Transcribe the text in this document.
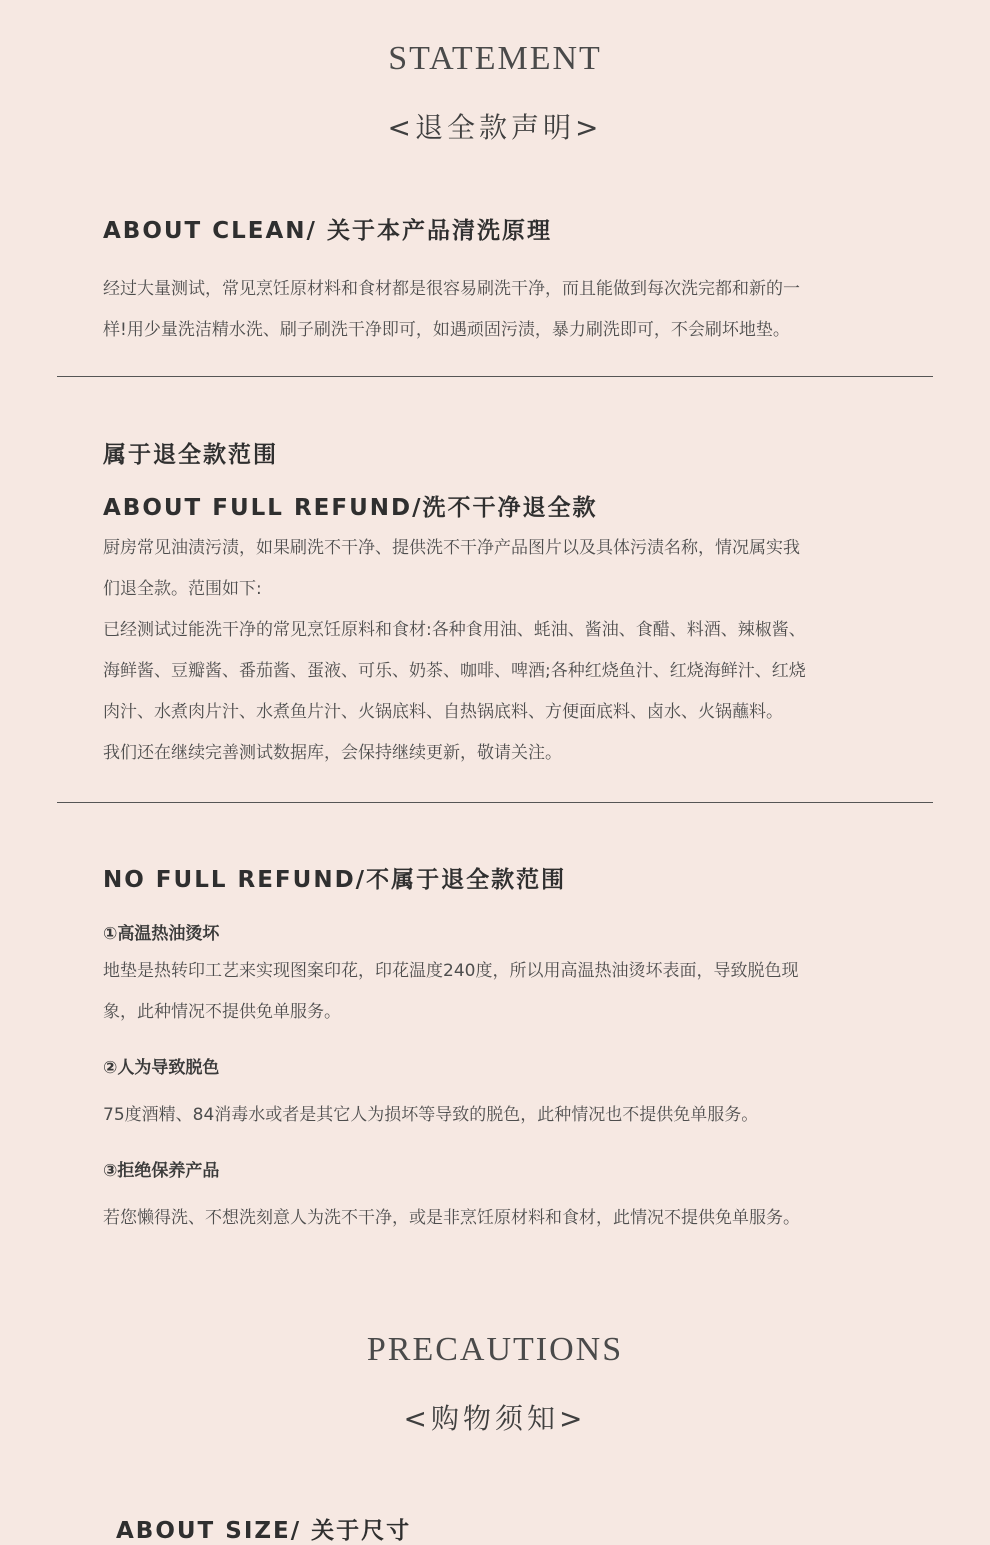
STATEMENT
<退全款声明>
ABOUT CLEAN/ 关于本产品清洗原理

经过大量测试，常见烹饪原材料和食材都是很容易刷洗干净，而且能做到每次洗完都和新的一
样!用少量洗洁精水洗、刷子刷洗干净即可，如遇顽固污渍，暴力刷洗即可，不会刷坏地垫。

属于退全款范围
ABOUT FULL REFUND/洗不干净退全款

厨房常见油渍污渍，如果刷洗不干净、提供洗不干净产品图片以及具体污渍名称，情况属实我
们退全款。范围如下:
已经测试过能洗干净的常见烹饪原料和食材:各种食用油、蚝油、酱油、食醋、料酒、辣椒酱、
海鲜酱、豆瓣酱、番茄酱、蛋液、可乐、奶茶、咖啡、啤酒;各种红烧鱼汁、红烧海鲜汁、红烧
肉汁、水煮肉片汁、水煮鱼片汁、火锅底料、自热锅底料、方便面底料、卤水、火锅蘸料。
我们还在继续完善测试数据库，会保持继续更新，敬请关注。

NO FULL REFUND/不属于退全款范围
①高温热油烫坏

地垫是热转印工艺来实现图案印花，印花温度240度，所以用高温热油烫坏表面，导致脱色现
象，此种情况不提供免单服务。

②人为导致脱色

75度酒精、84消毒水或者是其它人为损坏等导致的脱色，此种情况也不提供免单服务。

③拒绝保养产品

若您懒得洗、不想洗刻意人为洗不干净，或是非烹饪原材料和食材，此情况不提供免单服务。

PRECAUTIONS
<购物须知>
ABOUT SIZE/ 关于尺寸
